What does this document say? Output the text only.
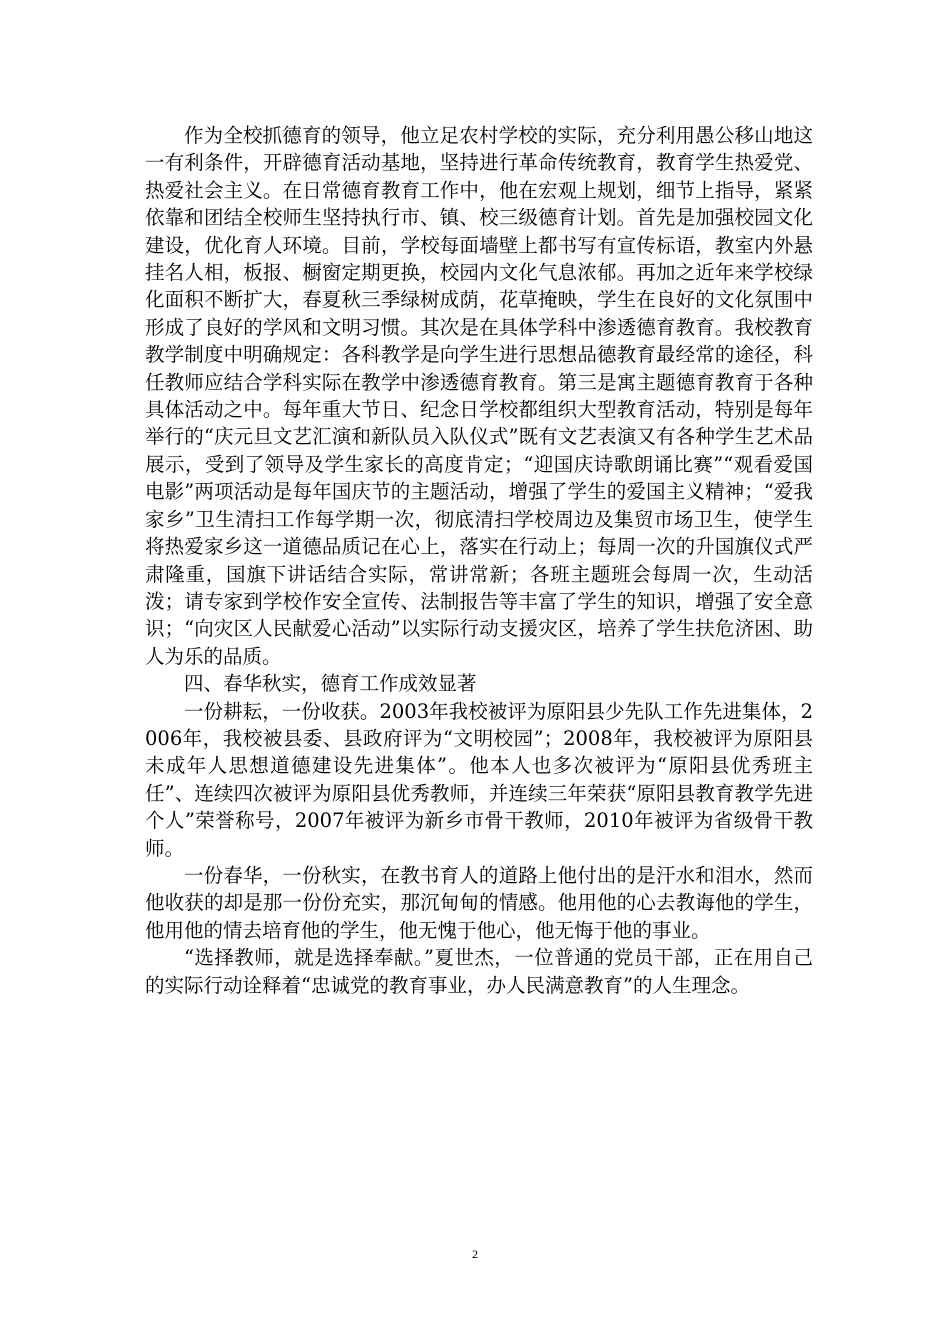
作为全校抓德育的领导，他立足农村学校的实际，充分利用愚公移山地这一有利条件，开辟德育活动基地，坚持进行革命传统教育，教育学生热爱党、热爱社会主义。在日常德育教育工作中，他在宏观上规划，细节上指导，紧紧依靠和团结全校师生坚持执行市、镇、校三级德育计划。首先是加强校园文化建设，优化育人环境。目前，学校每面墙壁上都书写有宣传标语，教室内外悬挂名人相，板报、橱窗定期更换，校园内文化气息浓郁。再加之近年来学校绿化面积不断扩大，春夏秋三季绿树成荫，花草掩映，学生在良好的文化氛围中形成了良好的学风和文明习惯。其次是在具体学科中渗透德育教育。我校教育教学制度中明确规定：各科教学是向学生进行思想品德教育最经常的途径，科任教师应结合学科实际在教学中渗透德育教育。第三是寓主题德育教育于各种具体活动之中。每年重大节日、纪念日学校都组织大型教育活动，特别是每年举行的“庆元旦文艺汇演和新队员入队仪式”既有文艺表演又有各种学生艺术品展示，受到了领导及学生家长的高度肯定；“迎国庆诗歌朗诵比赛”“观看爱国电影”两项活动是每年国庆节的主题活动，增强了学生的爱国主义精神；“爱我家乡”卫生清扫工作每学期一次，彻底清扫学校周边及集贸市场卫生，使学生将热爱家乡这一道德品质记在心上，落实在行动上；每周一次的升国旗仪式严肃隆重，国旗下讲话结合实际，常讲常新；各班主题班会每周一次，生动活泼；请专家到学校作安全宣传、法制报告等丰富了学生的知识，增强了安全意识；“向灾区人民献爱心活动”以实际行动支援灾区，培养了学生扶危济困、助人为乐的品质。

四、春华秋实，德育工作成效显著

一份耕耘，一份收获。2003年我校被评为原阳县少先队工作先进集体，2006年，我校被县委、县政府评为“文明校园”；2008年，我校被评为原阳县未成年人思想道德建设先进集体”。他本人也多次被评为“原阳县优秀班主任”、连续四次被评为原阳县优秀教师，并连续三年荣获“原阳县教育教学先进个人”荣誉称号，2007年被评为新乡市骨干教师，2010年被评为省级骨干教师。

一份春华，一份秋实，在教书育人的道路上他付出的是汗水和泪水，然而他收获的却是那一份份充实，那沉甸甸的情感。他用他的心去教诲他的学生，他用他的情去培育他的学生，他无愧于他心，他无悔于他的事业。

“选择教师，就是选择奉献。”夏世杰，一位普通的党员干部，正在用自己的实际行动诠释着“忠诚党的教育事业，办人民满意教育”的人生理念。

2
